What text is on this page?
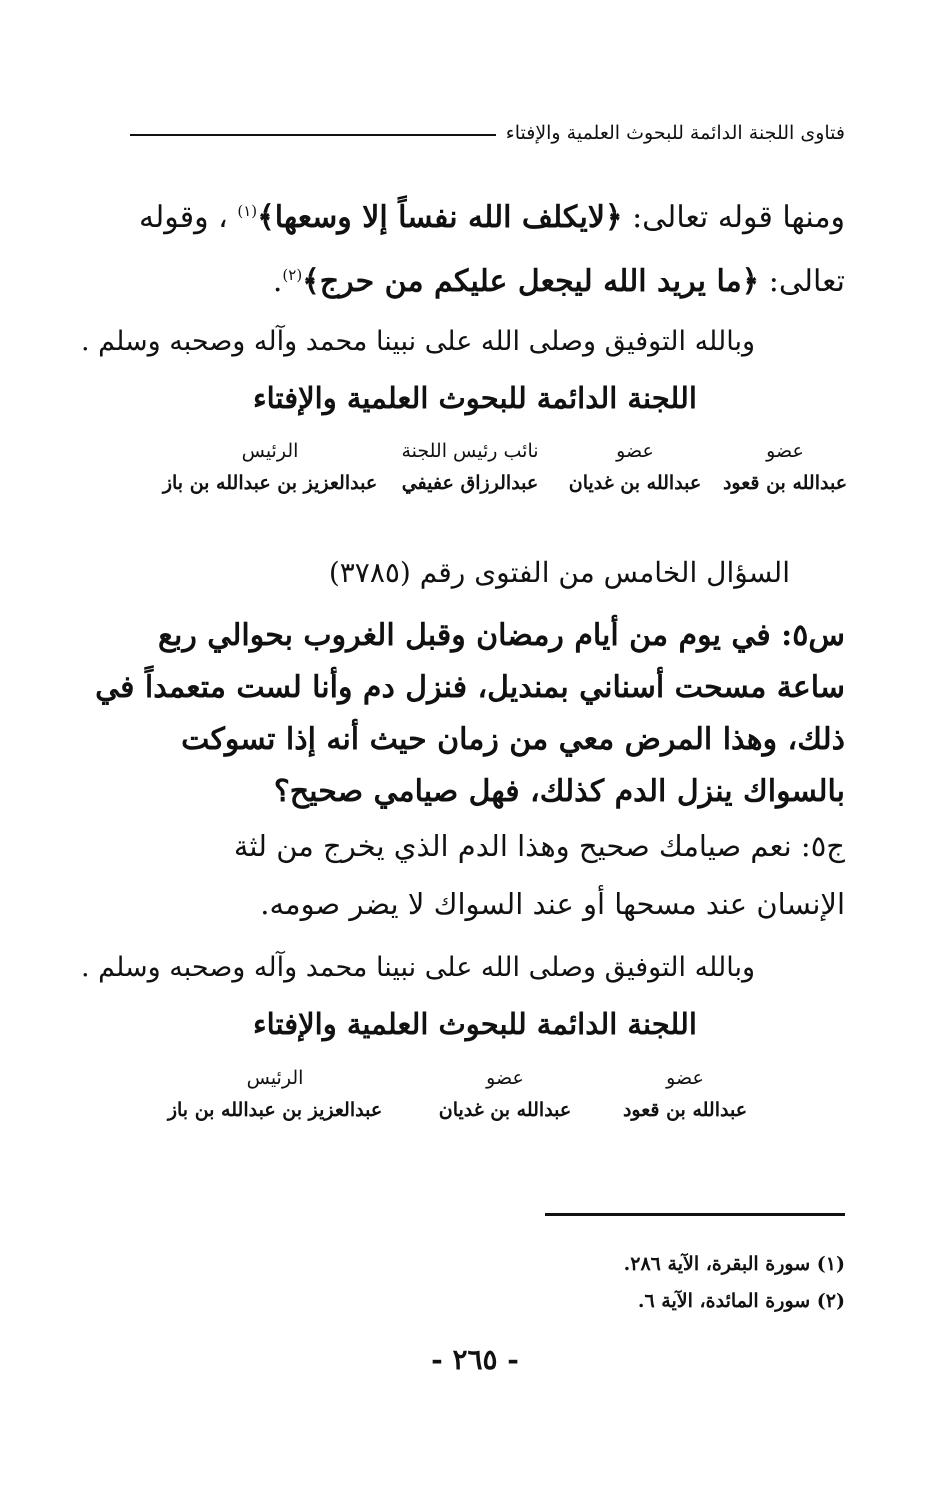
فتاوى اللجنة الدائمة للبحوث العلمية والإفتاء
ومنها قوله تعالى: ﴿لايكلف الله نفساً إلا وسعها﴾$^{(١)}$ ، وقوله
تعالى: ﴿ما يريد الله ليجعل عليكم من حرج﴾$^{(٢)}$.
وبالله التوفيق وصلى الله على نبينا محمد وآله وصحبه وسلم .
اللجنة الدائمة للبحوث العلمية والإفتاء
عضو
عبدالله بن قعود
عضو
عبدالله بن غديان
نائب رئيس اللجنة
عبدالرزاق عفيفي
الرئيس
عبدالعزيز بن عبدالله بن باز
السؤال الخامس من الفتوى رقم (٣٧٨٥)
س٥: في يوم من أيام رمضان وقبل الغروب بحوالي ربع
ساعة مسحت أسناني بمنديل، فنزل دم وأنا لست متعمداً في
ذلك، وهذا المرض معي من زمان حيث أنه إذا تسوكت
بالسواك ينزل الدم كذلك، فهل صيامي صحيح؟
ج٥: نعم صيامك صحيح وهذا الدم الذي يخرج من لثة
الإنسان عند مسحها أو عند السواك لا يضر صومه.
وبالله التوفيق وصلى الله على نبينا محمد وآله وصحبه وسلم .
اللجنة الدائمة للبحوث العلمية والإفتاء
عضو
عبدالله بن قعود
عضو
عبدالله بن غديان
الرئيس
عبدالعزيز بن عبدالله بن باز
(١) سورة البقرة، الآية ٢٨٦.
(٢) سورة المائدة، الآية ٦.
- ٢٦٥ -
